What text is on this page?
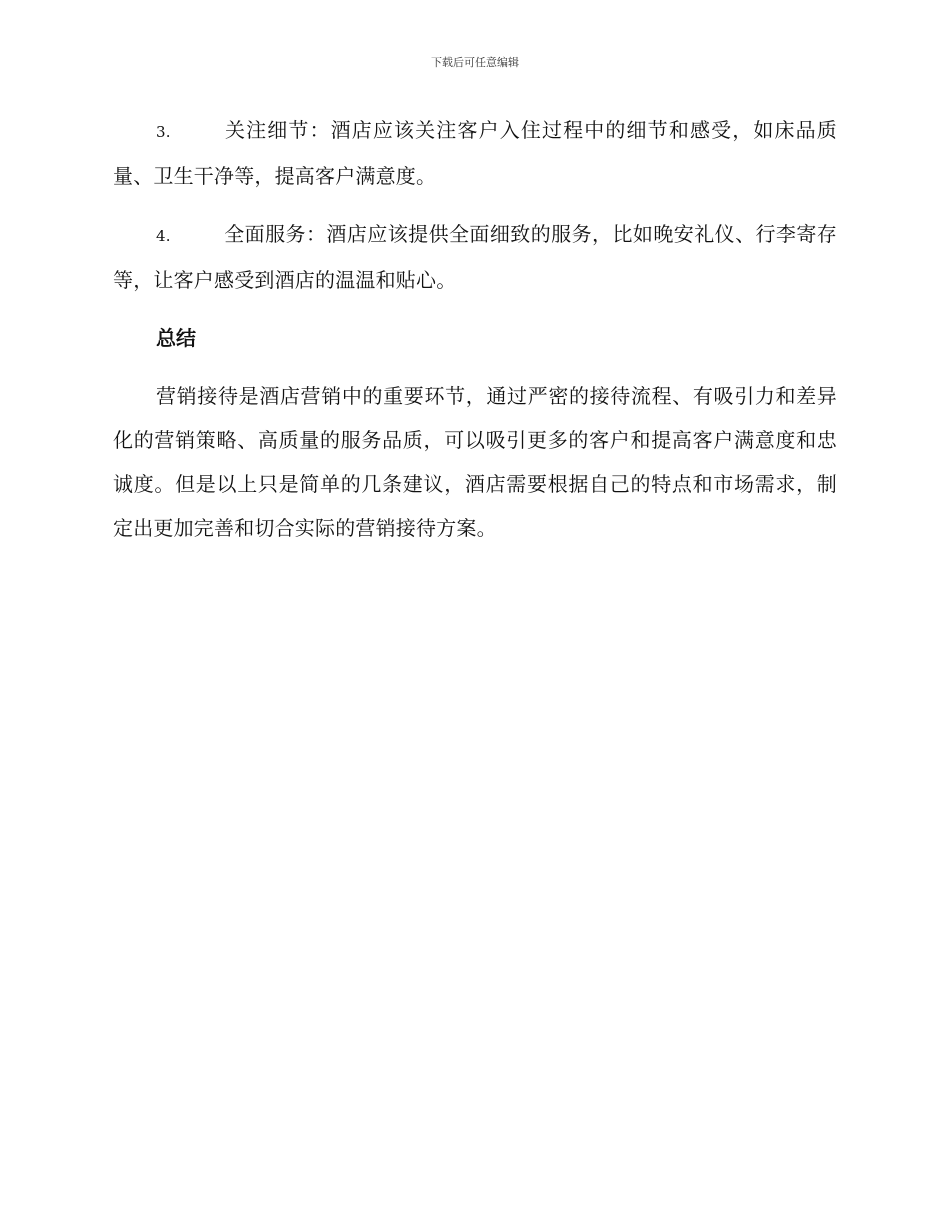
下载后可任意编辑

3.	关注细节：酒店应该关注客户入住过程中的细节和感受，如床品质量、卫生干净等，提高客户满意度。

4.	全面服务：酒店应该提供全面细致的服务，比如晚安礼仪、行李寄存等，让客户感受到酒店的温温和贴心。

总结

营销接待是酒店营销中的重要环节，通过严密的接待流程、有吸引力和差异化的营销策略、高质量的服务品质，可以吸引更多的客户和提高客户满意度和忠诚度。但是以上只是简单的几条建议，酒店需要根据自己的特点和市场需求，制定出更加完善和切合实际的营销接待方案。
